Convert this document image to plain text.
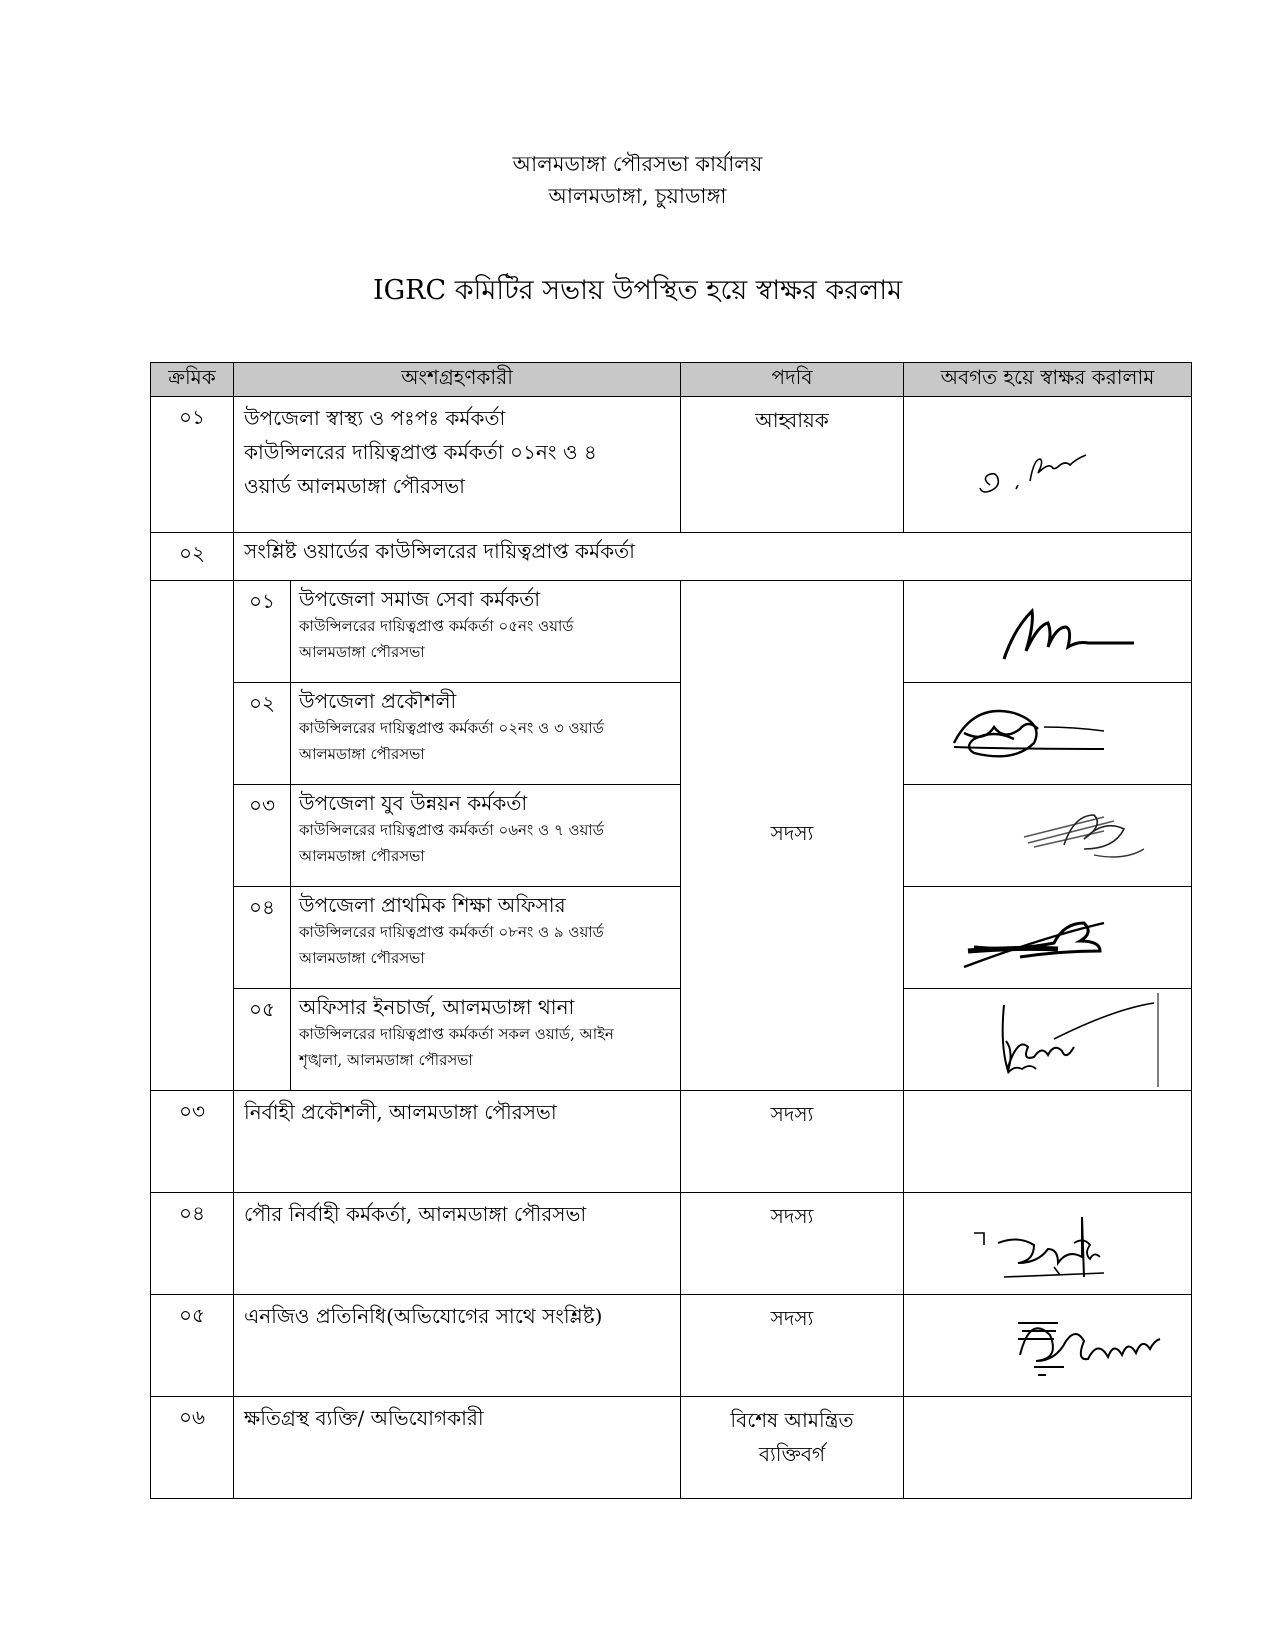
আলমডাঙ্গা পৌরসভা কার্যালয়
আলমডাঙ্গা, চুয়াডাঙ্গা
IGRC কমিটির সভায় উপস্থিত হয়ে স্বাক্ষর করলাম
ক্রমিক	অংশগ্রহণকারী		পদবি	অবগত হয়ে স্বাক্ষর করালাম
০১	উপজেলা স্বাস্থ্য ও পঃপঃ কর্মকর্তা
কাউন্সিলরের দায়িত্বপ্রাপ্ত কর্মকর্তা ০১নং ও ৪
ওয়ার্ড আলমডাঙ্গা পৌরসভা		আহ্বায়ক	

০২	সংশ্লিষ্ট ওয়ার্ডের কাউন্সিলরের দায়িত্বপ্রাপ্ত কর্মকর্তা			
	০১	উপজেলা সমাজ সেবা কর্মকর্তা
কাউন্সিলরের দায়িত্বপ্রাপ্ত কর্মকর্তা ০৫নং ওয়ার্ড
আলমডাঙ্গা পৌরসভা	সদস্য	

	০২	উপজেলা প্রকৌশলী
কাউন্সিলরের দায়িত্বপ্রাপ্ত কর্মকর্তা ০২নং ও ৩ ওয়ার্ড
আলমডাঙ্গা পৌরসভা

	০৩	উপজেলা যুব উন্নয়ন কর্মকর্তা
কাউন্সিলরের দায়িত্বপ্রাপ্ত কর্মকর্তা ০৬নং ও ৭ ওয়ার্ড
আলমডাঙ্গা পৌরসভা

	০৪	উপজেলা প্রাথমিক শিক্ষা অফিসার
কাউন্সিলরের দায়িত্বপ্রাপ্ত কর্মকর্তা ০৮নং ও ৯ ওয়ার্ড
আলমডাঙ্গা পৌরসভা

	০৫	অফিসার ইনচার্জ, আলমডাঙ্গা থানা
কাউন্সিলরের দায়িত্বপ্রাপ্ত কর্মকর্তা সকল ওয়ার্ড, আইন
শৃঙ্খলা, আলমডাঙ্গা পৌরসভা

০৩	নির্বাহী প্রকৌশলী, আলমডাঙ্গা পৌরসভা		সদস্য	
০৪	পৌর নির্বাহী কর্মকর্তা, আলমডাঙ্গা পৌরসভা		সদস্য	

০৫	এনজিও প্রতিনিধি(অভিযোগের সাথে সংশ্লিষ্ট)		সদস্য	

০৬	ক্ষতিগ্রস্থ ব্যক্তি/ অভিযোগকারী		বিশেষ আমন্ত্রিত
ব্যক্তিবর্গ	
